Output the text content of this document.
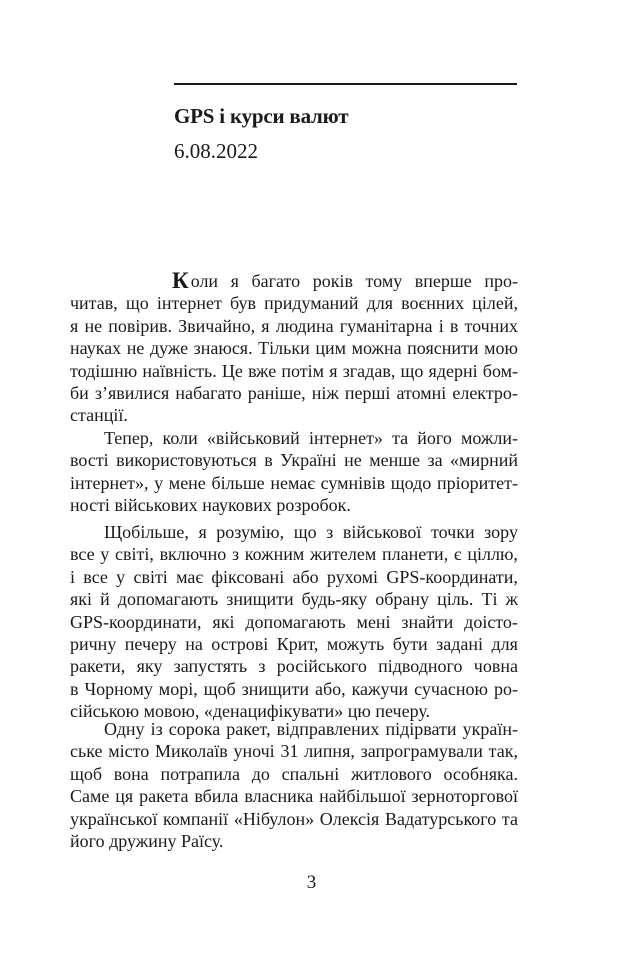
GPS і курси валют
6.08.2022
К оли я багато років тому вперше про-
читав, що інтернет був придуманий для воєнних цілей,
я не повірив. Звичайно, я людина гуманітарна і в точних
науках не дуже знаюся. Тільки цим можна пояснити мою
тодішню наївність. Це вже потім я згадав, що ядерні бом-
би з’явилися набагато раніше, ніж перші атомні електро-
станції.
Тепер, коли «військовий інтернет» та його можли-
вості використовуються в Україні не менше за «мирний
інтернет», у мене більше немає сумнівів щодо пріоритет-
ності військових наукових розробок.
Щобільше, я розумію, що з військової точки зору
все у світі, включно з кожним жителем планети, є ціллю,
і все у світі має фіксовані або рухомі GPS-координати,
які й допомагають знищити будь-яку обрану ціль. Ті ж
GPS-координати, які допомагають мені знайти доісто-
ричну печеру на острові Крит, можуть бути задані для
ракети, яку запустять з російського підводного човна
в Чорному морі, щоб знищити або, кажучи сучасною ро-
сійською мовою, «денацифікувати» цю печеру.
Одну із сорока ракет, відправлених підірвати україн-
ське місто Миколаїв уночі 31 липня, запрограмували так,
щоб вона потрапила до спальні житлового особняка.
Саме ця ракета вбила власника найбільшої зерноторгової
української компанії «Нібулон» Олексія Вадатурського та
його дружину Раїсу.
3
